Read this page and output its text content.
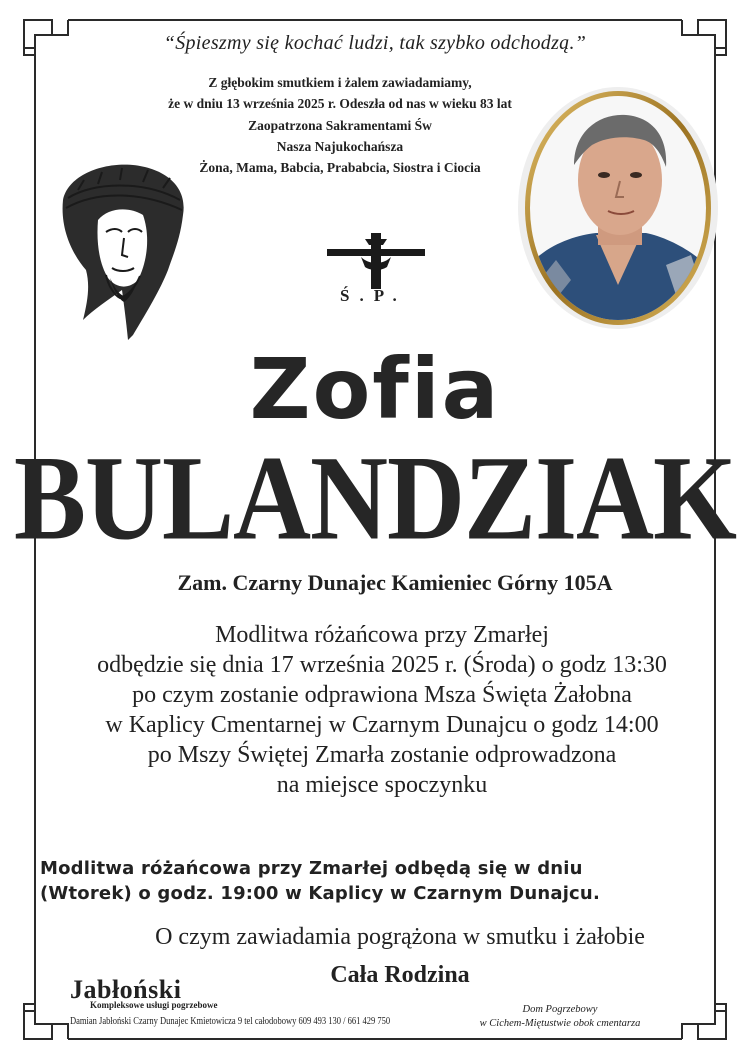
“Śpieszmy się kochać ludzi, tak szybko odchodzą.”
Z głębokim smutkiem i żalem zawiadamiamy,
że w dniu 13 września 2025 r. Odeszła od nas w wieku 83 lat
Zaopatrzona Sakramentami Św
Nasza Najukochańsza
Żona, Mama, Babcia, Prababcia, Siostra i Ciocia
Ś.P.
Zofia
BULANDZIAK
Zam. Czarny Dunajec Kamieniec Górny 105A
Modlitwa różańcowa przy Zmarłej
odbędzie się dnia 17 września 2025 r. (Środa) o godz 13:30
po czym zostanie odprawiona Msza Święta Żałobna
w Kaplicy Cmentarnej w Czarnym Dunajcu o godz 14:00
po Mszy Świętej Zmarła zostanie odprowadzona
na miejsce spoczynku
Modlitwa różańcowa przy Zmarłej odbędą się w dniu
(Wtorek) o godz. 19:00 w Kaplicy w Czarnym Dunajcu.
O czym zawiadamia pogrążona w smutku i żałobie
Cała Rodzina
Jabłoński
Kompleksowe usługi pogrzebowe
Damian Jabłoński Czarny Dunajec Kmietowicza 9 tel całodobowy 609 493 130 / 661 429 750
Dom Pogrzebowy
w Cichem-Miętustwie obok cmentarza
